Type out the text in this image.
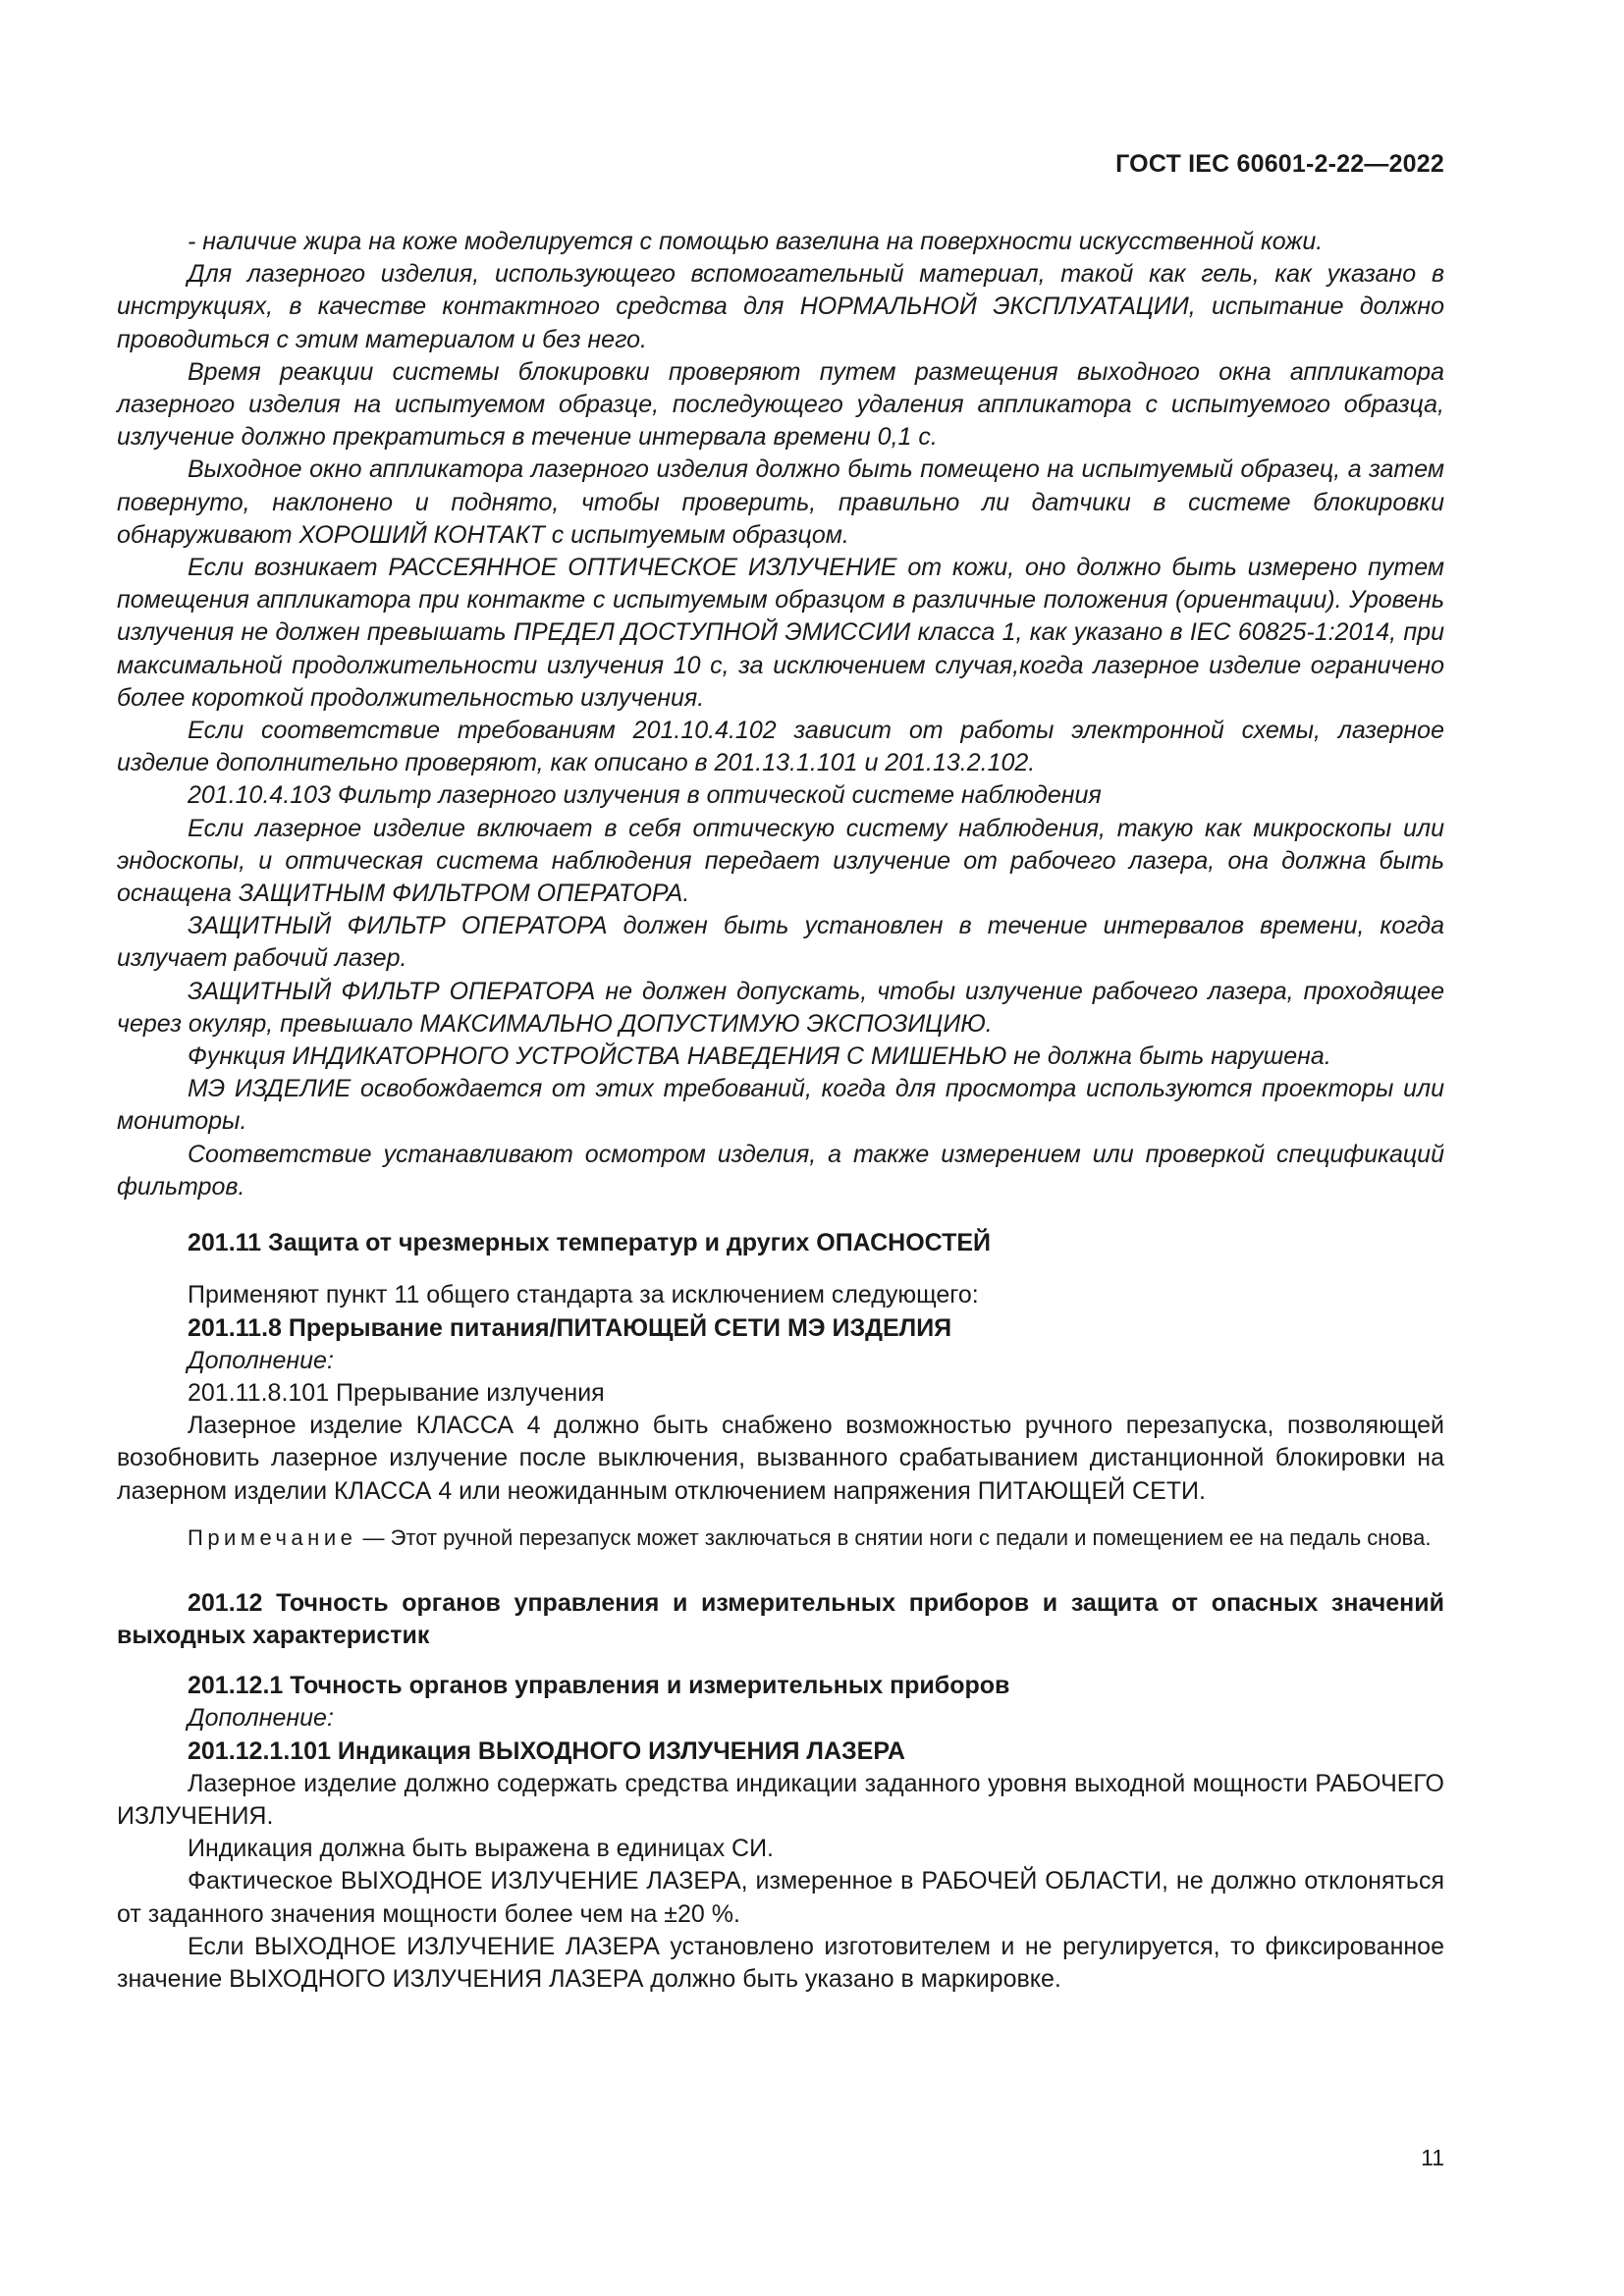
ГОСТ IEC 60601-2-22—2022

- наличие жира на коже моделируется с помощью вазелина на поверхности искусственной кожи.

Для лазерного изделия, использующего вспомогательный материал, такой как гель, как указано в инструкциях, в качестве контактного средства для НОРМАЛЬНОЙ ЭКСПЛУАТАЦИИ, испытание должно проводиться с этим материалом и без него.

Время реакции системы блокировки проверяют путем размещения выходного окна аппликатора лазерного изделия на испытуемом образце, последующего удаления аппликатора с испытуемого образца, излучение должно прекратиться в течение интервала времени 0,1 с.

Выходное окно аппликатора лазерного изделия должно быть помещено на испытуемый образец, а затем повернуто, наклонено и поднято, чтобы проверить, правильно ли датчики в системе блокировки обнаруживают ХОРОШИЙ КОНТАКТ с испытуемым образцом.

Если возникает РАССЕЯННОЕ ОПТИЧЕСКОЕ ИЗЛУЧЕНИЕ от кожи, оно должно быть измерено путем помещения аппликатора при контакте с испытуемым образцом в различные положения (ориентации). Уровень излучения не должен превышать ПРЕДЕЛ ДОСТУПНОЙ ЭМИССИИ класса 1, как указано в IEC 60825-1:2014, при максимальной продолжительности излучения 10 с, за исключением случая,когда лазерное изделие ограничено более короткой продолжительностью излучения.

Если соответствие требованиям 201.10.4.102 зависит от работы электронной схемы, лазерное изделие дополнительно проверяют, как описано в 201.13.1.101 и 201.13.2.102.

201.10.4.103 Фильтр лазерного излучения в оптической системе наблюдения

Если лазерное изделие включает в себя оптическую систему наблюдения, такую как микроскопы или эндоскопы, и оптическая система наблюдения передает излучение от рабочего лазера, она должна быть оснащена ЗАЩИТНЫМ ФИЛЬТРОМ ОПЕРАТОРА.

ЗАЩИТНЫЙ ФИЛЬТР ОПЕРАТОРА должен быть установлен в течение интервалов времени, когда излучает рабочий лазер.

ЗАЩИТНЫЙ ФИЛЬТР ОПЕРАТОРА не должен допускать, чтобы излучение рабочего лазера, проходящее через окуляр, превышало МАКСИМАЛЬНО ДОПУСТИМУЮ ЭКСПОЗИЦИЮ.

Функция ИНДИКАТОРНОГО УСТРОЙСТВА НАВЕДЕНИЯ С МИШЕНЬЮ не должна быть нарушена.

МЭ ИЗДЕЛИЕ освобождается от этих требований, когда для просмотра используются проекторы или мониторы.

Соответствие устанавливают осмотром изделия, а также измерением или проверкой спецификаций фильтров.

201.11 Защита от чрезмерных температур и других ОПАСНОСТЕЙ

Применяют пункт 11 общего стандарта за исключением следующего:

201.11.8 Прерывание питания/ПИТАЮЩЕЙ СЕТИ МЭ ИЗДЕЛИЯ

Дополнение:

201.11.8.101 Прерывание излучения

Лазерное изделие КЛАССА 4 должно быть снабжено возможностью ручного перезапуска, позволяющей возобновить лазерное излучение после выключения, вызванного срабатыванием дистанционной блокировки на лазерном изделии КЛАССА 4 или неожиданным отключением напряжения ПИТАЮЩЕЙ СЕТИ.

Примечание — Этот ручной перезапуск может заключаться в снятии ноги с педали и помещением ее на педаль снова.

201.12 Точность органов управления и измерительных приборов и защита от опасных значений выходных характеристик

201.12.1 Точность органов управления и измерительных приборов

Дополнение:

201.12.1.101 Индикация ВЫХОДНОГО ИЗЛУЧЕНИЯ ЛАЗЕРА

Лазерное изделие должно содержать средства индикации заданного уровня выходной мощности РАБОЧЕГО ИЗЛУЧЕНИЯ.

Индикация должна быть выражена в единицах СИ.

Фактическое ВЫХОДНОЕ ИЗЛУЧЕНИЕ ЛАЗЕРА, измеренное в РАБОЧЕЙ ОБЛАСТИ, не должно отклоняться от заданного значения мощности более чем на ±20 %.

Если ВЫХОДНОЕ ИЗЛУЧЕНИЕ ЛАЗЕРА установлено изготовителем и не регулируется, то фиксированное значение ВЫХОДНОГО ИЗЛУЧЕНИЯ ЛАЗЕРА должно быть указано в маркировке.

11
